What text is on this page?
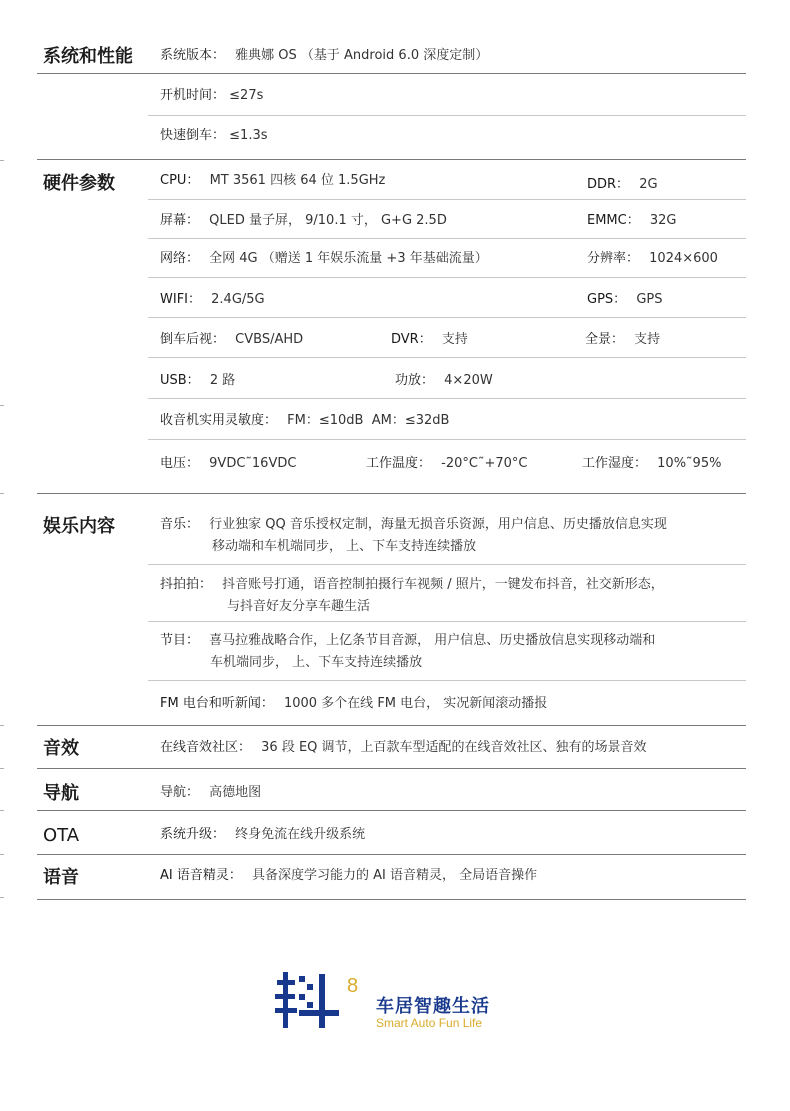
系统和性能 系统版本： 雅典娜 OS （基于 Android 6.0 深度定制）
开机时间： ≤27s
快速倒车： ≤1.3s
硬件参数	CPU： MT 3561 四核 64 位 1.5GHz	DDR： 2G
屏幕： QLED 量子屏， 9/10.1 寸， G+G 2.5D	EMMC： 32G
网络： 全网 4G （赠送 1 年娱乐流量 +3 年基础流量）	分辨率： 1024×600
WIFI： 2.4G/5G	GPS： GPS
倒车后视： CVBS/AHD	DVR： 支持	全景： 支持
USB： 2 路	功放： 4×20W
收音机实用灵敏度： FM：≤10dB  AM：≤32dB
电压： 9VDC˜16VDC	工作温度： -20°C˜+70°C	工作湿度： 10%˜95%
娱乐内容	音乐： 行业独家 QQ 音乐授权定制，海量无损音乐资源，用户信息、历史播放信息实现
移动端和车机端同步， 上、下车支持连续播放
抖拍拍： 抖音账号打通，语音控制拍摄行车视频 / 照片，一键发布抖音，社交新形态，
与抖音好友分享车趣生活
节目： 喜马拉雅战略合作，上亿条节目音源， 用户信息、历史播放信息实现移动端和
车机端同步， 上、下车支持连续播放
FM 电台和听新闻： 1000 多个在线 FM 电台， 实况新闻滚动播报
音效	在线音效社区： 36 段 EQ 调节，上百款车型适配的在线音效社区、独有的场景音效
导航	导航： 高德地图
OTA	系统升级： 终身免流在线升级系统
语音	AI 语音精灵： 具备深度学习能力的 AI 语音精灵， 全局语音操作
8
车居智趣生活
Smart Auto Fun Life
